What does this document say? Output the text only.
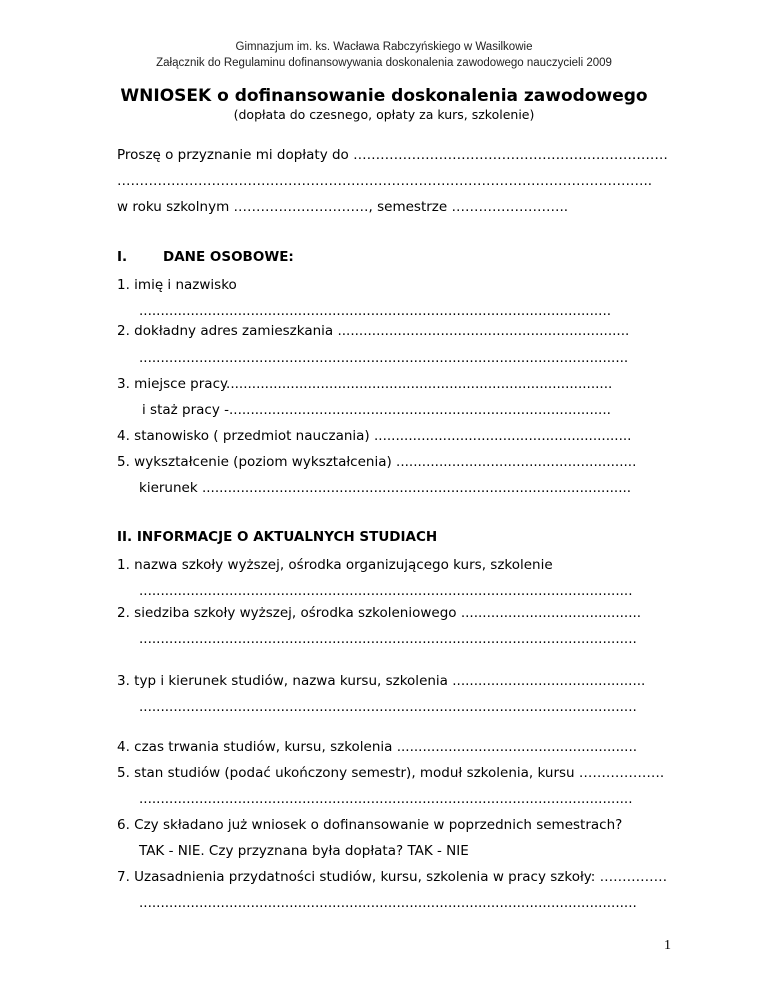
Gimnazjum im. ks. Wacława Rabczyńskiego w Wasilkowie
Załącznik do Regulaminu dofinansowywania doskonalenia zawodowego nauczycieli 2009
WNIOSEK o dofinansowanie doskonalenia zawodowego
(dopłata do czesnego, opłaty za kurs, szkolenie)
Proszę o przyznanie mi dopłaty do …………………………………………….………………
………………………………………………………………………………………………………..
w roku szkolnym …………………………, semestrze ……………………..
I.	DANE OSOBOWE:
1. imię i nazwisko
..............................................................................................................
2. dokładny adres zamieszkania ....................................................................
..................................................................................................................
3. miejsce pracy..........................................................................................
i staż pracy -.........................................................................................
4. stanowisko ( przedmiot nauczania) ............................................................
5. wykształcenie (poziom wykształcenia) ........................................................
kierunek ....................................................................................................
II. INFORMACJE O AKTUALNYCH STUDIACH
1. nazwa szkoły wyższej, ośrodka organizującego kurs, szkolenie
...................................................................................................................
2. siedziba szkoły wyższej, ośrodka szkoleniowego ..........................................
....................................................................................................................
3. typ i kierunek studiów, nazwa kursu, szkolenia .............................................
....................................................................................................................
4. czas trwania studiów, kursu, szkolenia ........................................................
5. stan studiów (podać ukończony semestr), moduł szkolenia, kursu ……………….
...................................................................................................................
6. Czy składano już wniosek o dofinansowanie w poprzednich semestrach?
TAK - NIE. Czy przyznana była dopłata? TAK - NIE
7. Uzasadnienia przydatności studiów, kursu, szkolenia w pracy szkoły: ……………
....................................................................................................................
1
